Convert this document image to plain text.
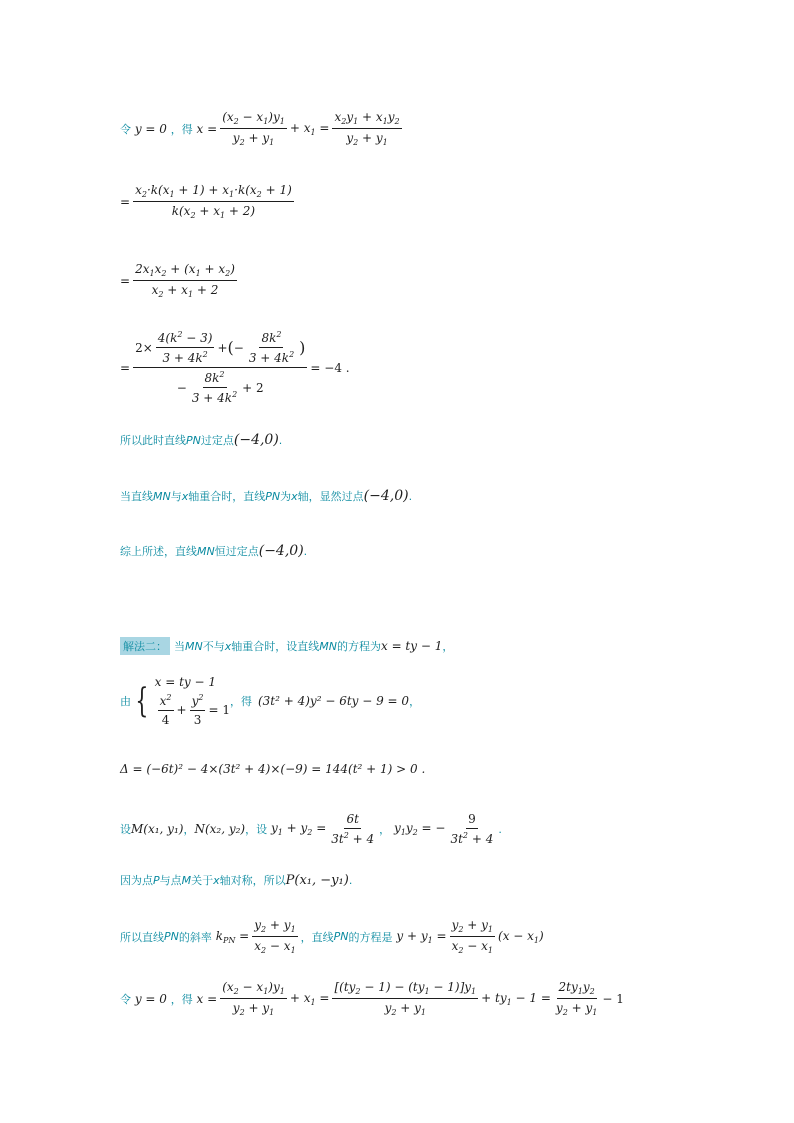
令 y = 0 ，得 $x = \frac{(x_2 - x_1)y_1}{y_2 + y_1} + x_1 = \frac{x_2y_1 + x_1y_2}{y_2 + y_1}$
= $\frac{x_2\cdot k(x_1 + 1) + x_1\cdot k(x_2 + 1)}{k(x_2 + x_1 + 2)}$
= $\frac{2x_1x_2 + (x_1 + x_2)}{x_2 + x_1 + 2}$
= $\frac{2\times \frac{4(k^2 - 3)}{3 + 4k^2} + ( - \frac{8k^2}{3 + 4k^2} )}{- \frac{8k^2}{3 + 4k^2} + 2} = -4$ .
所以此时直线 PN 过定点 (−4,0) .
当直线 MN 与 x 轴重合时，直线 PN 为 x 轴，显然过点 (−4,0) .
综上所述，直线 MN 恒过定点 (−4,0) .
解法二： 当 MN 不与 x 轴重合时，设直线 MN 的方程为 x = ty − 1 ，
由 { x = ty − 1
$\frac{x^2}{4} + \frac{y^2}{3} = 1$
，得 (3t² + 4)y² − 6ty − 9 = 0 ，
Δ = (−6t)² − 4×(3t² + 4)×(−9) = 144(t² + 1) > 0 .
设 M(x₁, y₁) ， N(x₂, y₂) ，设 $y_1 + y_2 = \frac{6t}{3t^2 + 4}$ ， $y_1y_2$ = − $\frac{9}{3t^2 + 4}$ .
因为点 P 与点 M 关于 x 轴对称，所以 P(x₁, −y₁) .
所以直线 PN 的斜率 $k_{PN} = \frac{y_2 + y_1}{x_2 - x_1}$ ，直线 PN 的方程是 $y + y_1 = \frac{y_2 + y_1}{x_2 - x_1} (x - x_1)$
令 y = 0 ，得 $x = \frac{(x_2 - x_1)y_1}{y_2 + y_1} + x_1 = \frac{[(ty_2 - 1) - (ty_1 - 1)]y_1}{y_2 + y_1} + ty_1 - 1 = \frac{2ty_1y_2}{y_2 + y_1} - 1$
